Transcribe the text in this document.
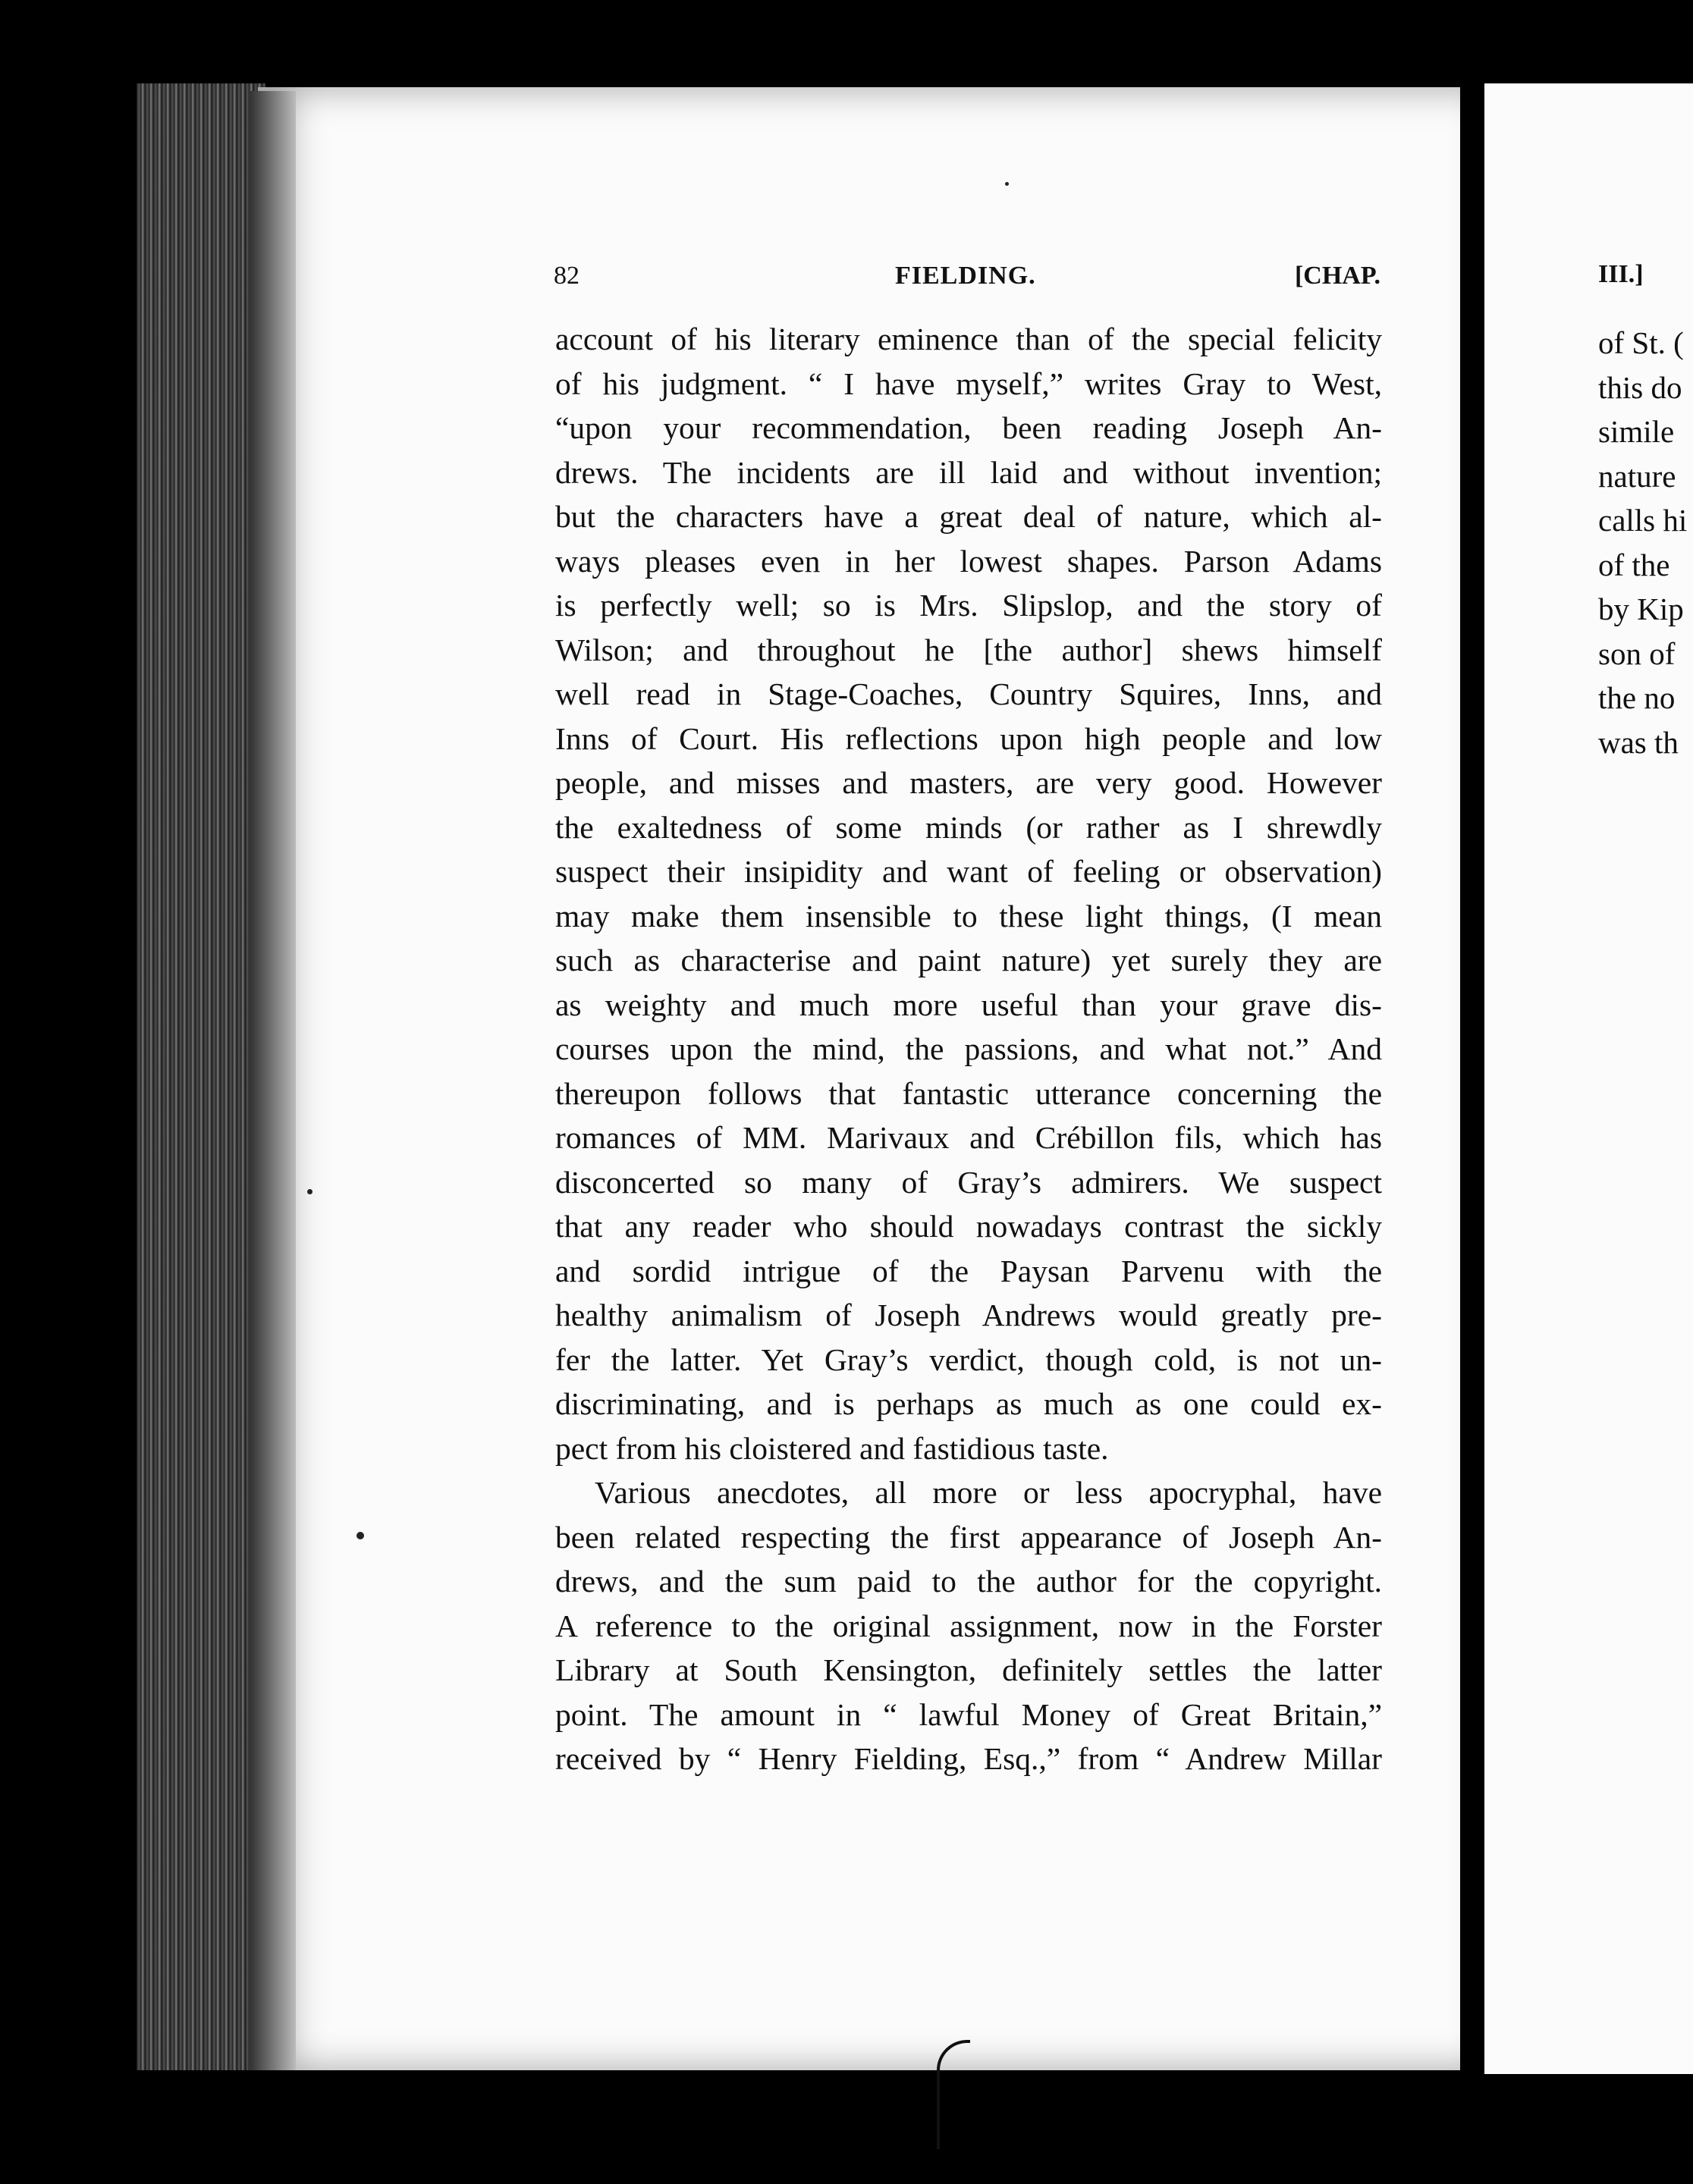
III.]
of St. (
this do
simile
nature
calls hi
of the
by Kip
son of
the no
was th
82	FIELDING.	[CHAP.
account of his literary eminence than of the special felicity
of his judgment. “ I have myself,” writes Gray to West,
“upon your recommendation, been reading Joseph An-
drews. The incidents are ill laid and without invention;
but the characters have a great deal of nature, which al-
ways pleases even in her lowest shapes. Parson Adams
is perfectly well; so is Mrs. Slipslop, and the story of
Wilson; and throughout he [the author] shews himself
well read in Stage-Coaches, Country Squires, Inns, and
Inns of Court. His reflections upon high people and low
people, and misses and masters, are very good. However
the exaltedness of some minds (or rather as I shrewdly
suspect their insipidity and want of feeling or observation)
may make them insensible to these light things, (I mean
such as characterise and paint nature) yet surely they are
as weighty and much more useful than your grave dis-
courses upon the mind, the passions, and what not.” And
thereupon follows that fantastic utterance concerning the
romances of MM. Marivaux and Crébillon fils, which has
disconcerted so many of Gray’s admirers. We suspect
that any reader who should nowadays contrast the sickly
and sordid intrigue of the Paysan Parvenu with the
healthy animalism of Joseph Andrews would greatly pre-
fer the latter. Yet Gray’s verdict, though cold, is not un-
discriminating, and is perhaps as much as one could ex-
pect from his cloistered and fastidious taste.
Various anecdotes, all more or less apocryphal, have
been related respecting the first appearance of Joseph An-
drews, and the sum paid to the author for the copyright.
A reference to the original assignment, now in the Forster
Library at South Kensington, definitely settles the latter
point. The amount in “ lawful Money of Great Britain,”
received by “ Henry Fielding, Esq.,” from “ Andrew Millar
